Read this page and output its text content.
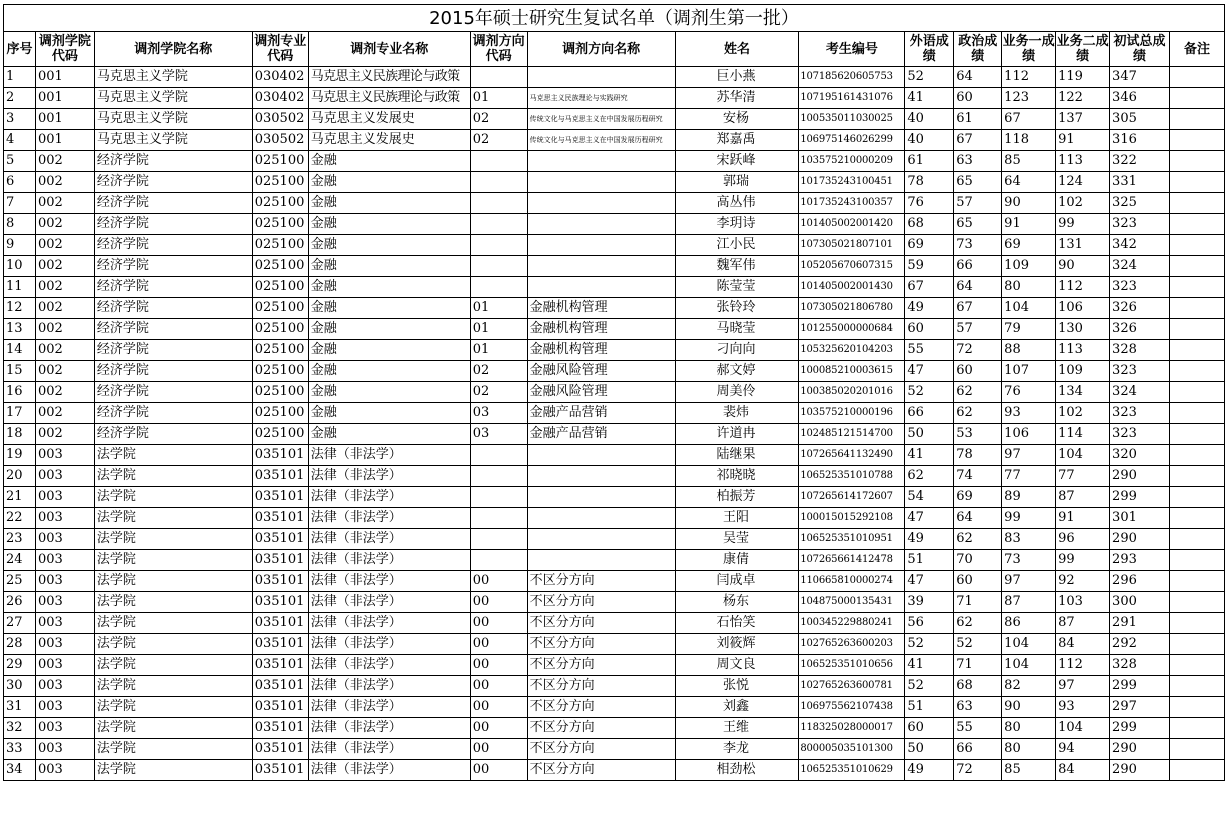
2015年硕士研究生复试名单（调剂生第一批）														
序号	调剂学院代码	调剂学院名称	调剂专业代码	调剂专业名称	调剂方向代码	调剂方向名称	姓名	考生编号	外语成绩	政治成绩	业务一成绩	业务二成绩	初试总成绩	备注
1	001	马克思主义学院	030402	马克思主义民族理论与政策			巨小燕	107185620605753	52	64	112	119	347	
2	001	马克思主义学院	030402	马克思主义民族理论与政策	01	马克思主义民族理论与实践研究	苏华清	107195161431076	41	60	123	122	346	
3	001	马克思主义学院	030502	马克思主义发展史	02	传统文化与马克思主义在中国发展历程研究	安杨	100535011030025	40	61	67	137	305	
4	001	马克思主义学院	030502	马克思主义发展史	02	传统文化与马克思主义在中国发展历程研究	郑嘉禹	106975146026299	40	67	118	91	316	
5	002	经济学院	025100	金融			宋跃峰	103575210000209	61	63	85	113	322	
6	002	经济学院	025100	金融			郭瑞	101735243100451	78	65	64	124	331	
7	002	经济学院	025100	金融			高丛伟	101735243100357	76	57	90	102	325	
8	002	经济学院	025100	金融			李玥诗	101405002001420	68	65	91	99	323	
9	002	经济学院	025100	金融			江小民	107305021807101	69	73	69	131	342	
10	002	经济学院	025100	金融			魏军伟	105205670607315	59	66	109	90	324	
11	002	经济学院	025100	金融			陈莹莹	101405002001430	67	64	80	112	323	
12	002	经济学院	025100	金融	01	金融机构管理	张铃玲	107305021806780	49	67	104	106	326	
13	002	经济学院	025100	金融	01	金融机构管理	马晓莹	101255000000684	60	57	79	130	326	
14	002	经济学院	025100	金融	01	金融机构管理	刁向向	105325620104203	55	72	88	113	328	
15	002	经济学院	025100	金融	02	金融风险管理	郝文婷	100085210003615	47	60	107	109	323	
16	002	经济学院	025100	金融	02	金融风险管理	周美伶	100385020201016	52	62	76	134	324	
17	002	经济学院	025100	金融	03	金融产品营销	裴炜	103575210000196	66	62	93	102	323	
18	002	经济学院	025100	金融	03	金融产品营销	许道冉	102485121514700	50	53	106	114	323	
19	003	法学院	035101	法律（非法学）			陆继果	107265641132490	41	78	97	104	320	
20	003	法学院	035101	法律（非法学）			祁晓晓	106525351010788	62	74	77	77	290	
21	003	法学院	035101	法律（非法学）			柏振芳	107265614172607	54	69	89	87	299	
22	003	法学院	035101	法律（非法学）			王阳	100015015292108	47	64	99	91	301	
23	003	法学院	035101	法律（非法学）			吴莹	106525351010951	49	62	83	96	290	
24	003	法学院	035101	法律（非法学）			康倩	107265661412478	51	70	73	99	293	
25	003	法学院	035101	法律（非法学）	00	不区分方向	闫成卓	110665810000274	47	60	97	92	296	
26	003	法学院	035101	法律（非法学）	00	不区分方向	杨东	104875000135431	39	71	87	103	300	
27	003	法学院	035101	法律（非法学）	00	不区分方向	石怡笑	100345229880241	56	62	86	87	291	
28	003	法学院	035101	法律（非法学）	00	不区分方向	刘筱辉	102765263600203	52	52	104	84	292	
29	003	法学院	035101	法律（非法学）	00	不区分方向	周文良	106525351010656	41	71	104	112	328	
30	003	法学院	035101	法律（非法学）	00	不区分方向	张悦	102765263600781	52	68	82	97	299	
31	003	法学院	035101	法律（非法学）	00	不区分方向	刘鑫	106975562107438	51	63	90	93	297	
32	003	法学院	035101	法律（非法学）	00	不区分方向	王维	118325028000017	60	55	80	104	299	
33	003	法学院	035101	法律（非法学）	00	不区分方向	李龙	800005035101300	50	66	80	94	290	
34	003	法学院	035101	法律（非法学）	00	不区分方向	相劲松	106525351010629	49	72	85	84	290	
